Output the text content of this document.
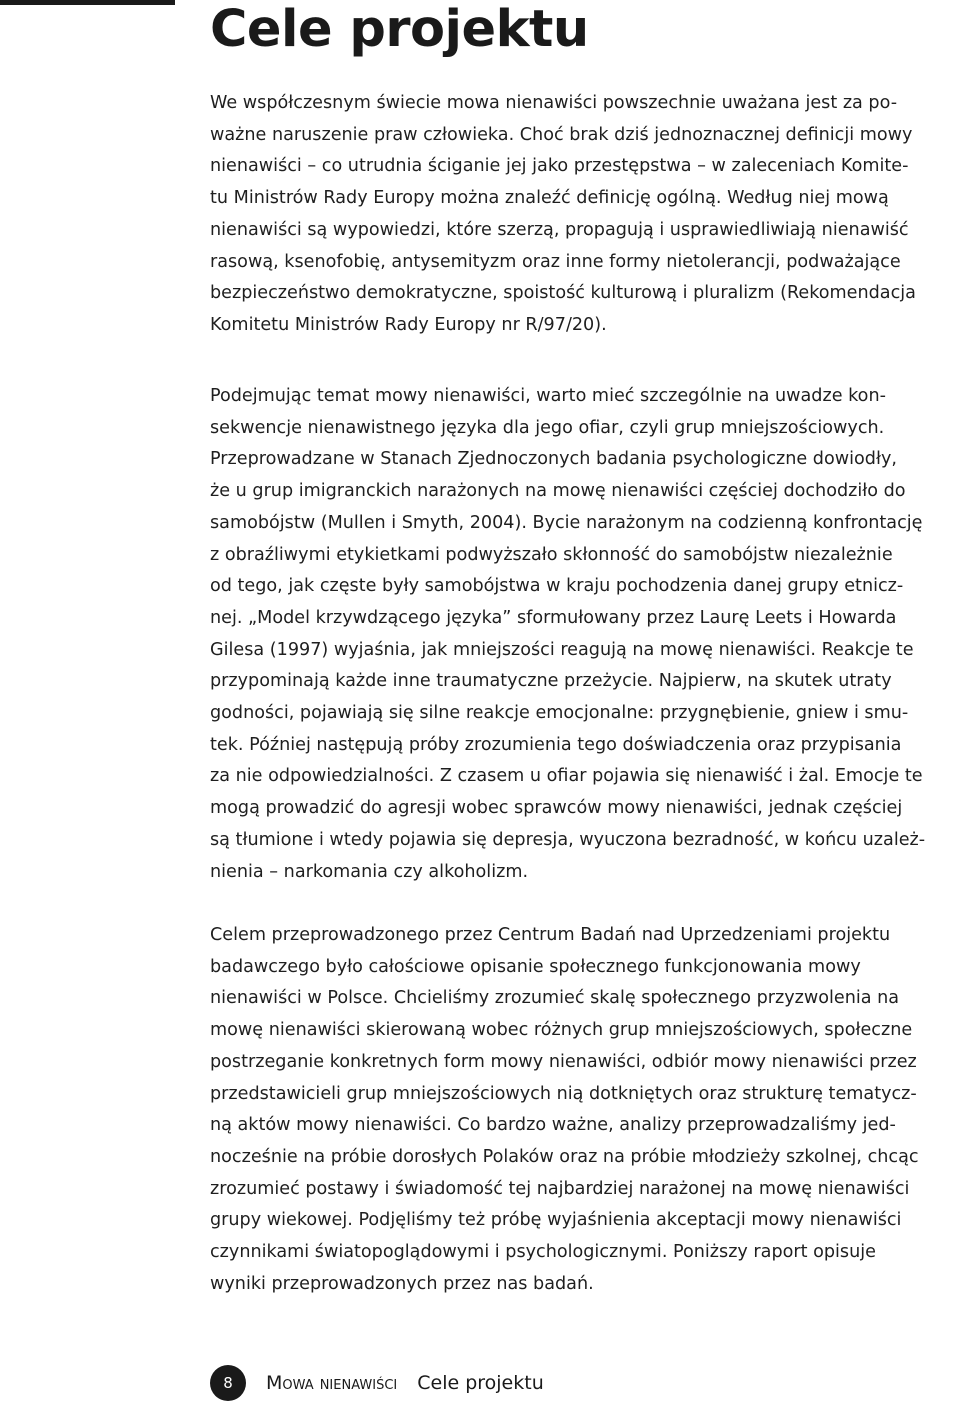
Cele projektu
We współczesnym świecie mowa nienawiści powszechnie uważana jest za po-
ważne naruszenie praw człowieka. Choć brak dziś jednoznacznej definicji mowy
nienawiści – co utrudnia ściganie jej jako przestępstwa – w zaleceniach Komite-
tu Ministrów Rady Europy można znaleźć definicję ogólną. Według niej mową
nienawiści są wypowiedzi, które szerzą, propagują i usprawiedliwiają nienawiść
rasową, ksenofobię, antysemityzm oraz inne formy nietolerancji, podważające
bezpieczeństwo demokratyczne, spoistość kulturową i pluralizm (Rekomendacja
Komitetu Ministrów Rady Europy nr R/97/20).
Podejmując temat mowy nienawiści, warto mieć szczególnie na uwadze kon-
sekwencje nienawistnego języka dla jego ofiar, czyli grup mniejszościowych.
Przeprowadzane w Stanach Zjednoczonych badania psychologiczne dowiodły,
że u grup imigranckich narażonych na mowę nienawiści częściej dochodziło do
samobójstw (Mullen i Smyth, 2004). Bycie narażonym na codzienną konfrontację
z obraźliwymi etykietkami podwyższało skłonność do samobójstw niezależnie
od tego, jak częste były samobójstwa w kraju pochodzenia danej grupy etnicz-
nej. „Model krzywdzącego języka” sformułowany przez Laurę Leets i Howarda
Gilesa (1997) wyjaśnia, jak mniejszości reagują na mowę nienawiści. Reakcje te
przypominają każde inne traumatyczne przeżycie. Najpierw, na skutek utraty
godności, pojawiają się silne reakcje emocjonalne: przygnębienie, gniew i smu-
tek. Później następują próby zrozumienia tego doświadczenia oraz przypisania
za nie odpowiedzialności. Z czasem u ofiar pojawia się nienawiść i żal. Emocje te
mogą prowadzić do agresji wobec sprawców mowy nienawiści, jednak częściej
są tłumione i wtedy pojawia się depresja, wyuczona bezradność, w końcu uzależ-
nienia – narkomania czy alkoholizm.
Celem przeprowadzonego przez Centrum Badań nad Uprzedzeniami projektu
badawczego było całościowe opisanie społecznego funkcjonowania mowy
nienawiści w Polsce. Chcieliśmy zrozumieć skalę społecznego przyzwolenia na
mowę nienawiści skierowaną wobec różnych grup mniejszościowych, społeczne
postrzeganie konkretnych form mowy nienawiści, odbiór mowy nienawiści przez
przedstawicieli grup mniejszościowych nią dotkniętych oraz strukturę tematycz-
ną aktów mowy nienawiści. Co bardzo ważne, analizy przeprowadzaliśmy jed-
nocześnie na próbie dorosłych Polaków oraz na próbie młodzieży szkolnej, chcąc
zrozumieć postawy i świadomość tej najbardziej narażonej na mowę nienawiści
grupy wiekowej. Podjęliśmy też próbę wyjaśnienia akceptacji mowy nienawiści
czynnikami światopoglądowymi i psychologicznymi. Poniższy raport opisuje
wyniki przeprowadzonych przez nas badań.
8	Mowa nienawiści Cele projektu
